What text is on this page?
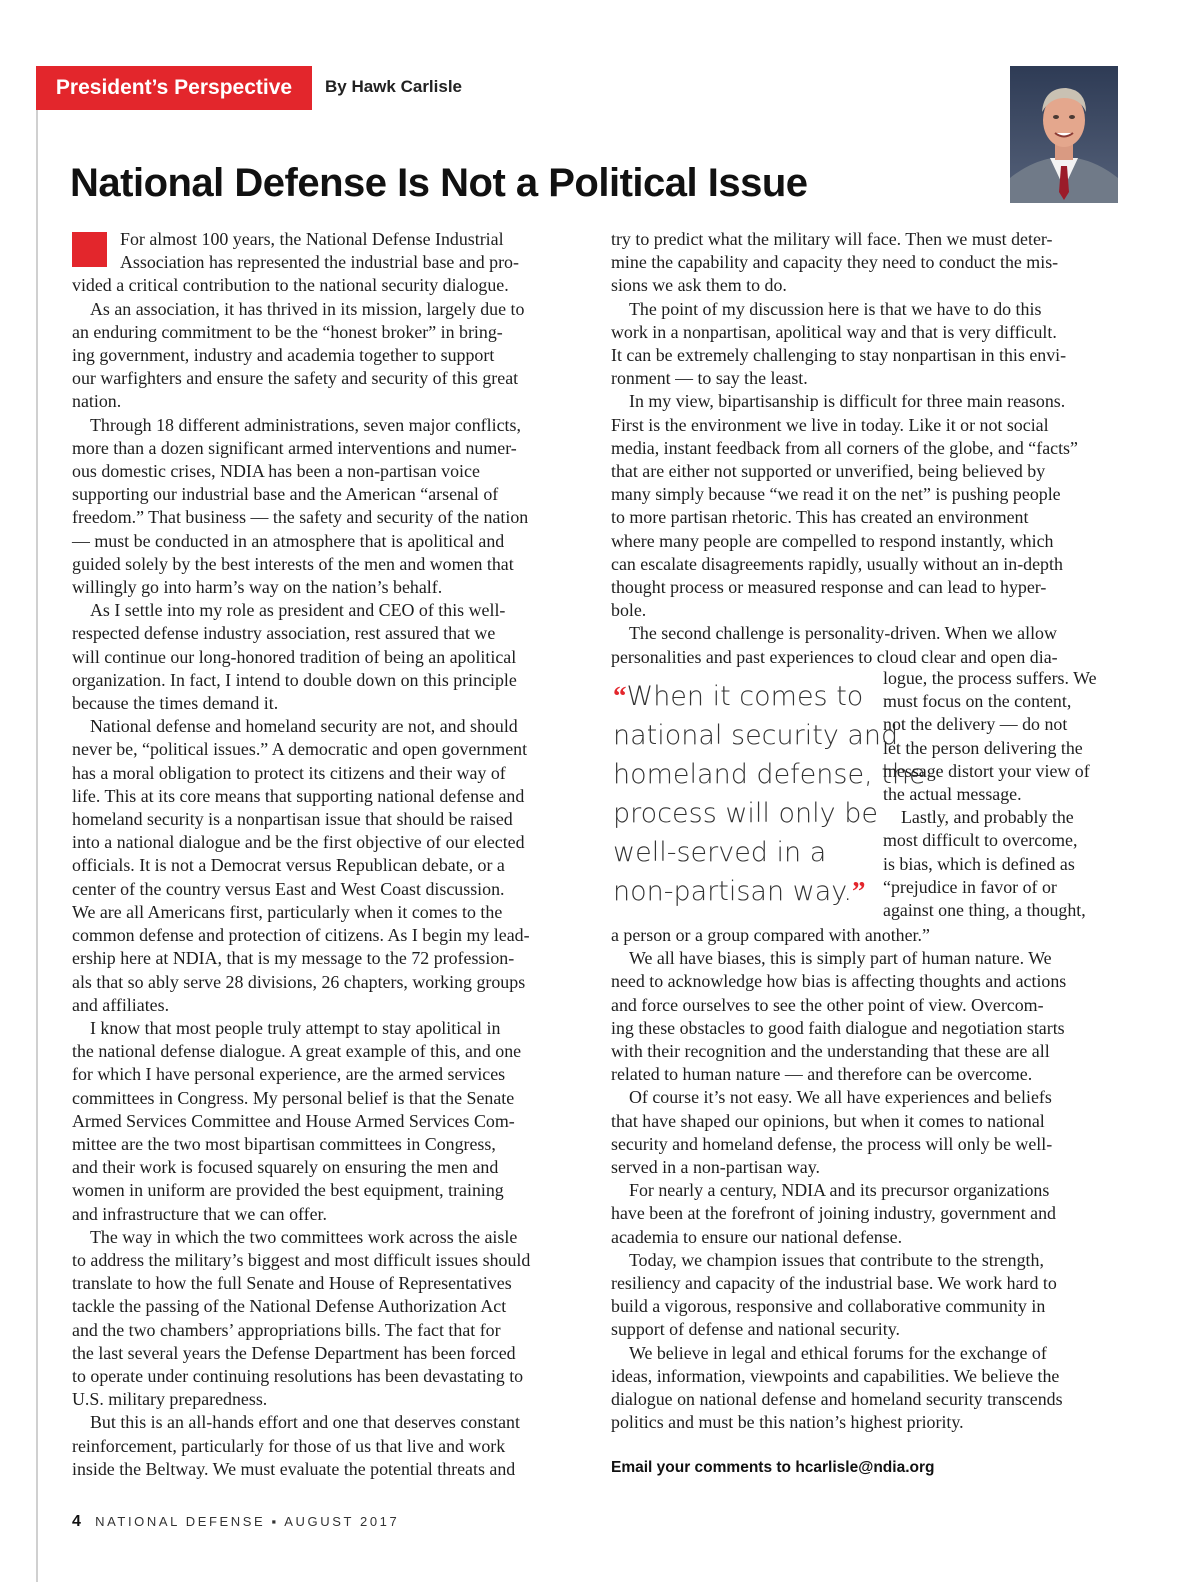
President’s Perspective	By Hawk Carlisle
National Defense Is Not a Political Issue

For almost 100 years, the National Defense Industrial

Association has represented the industrial base and pro-

vided a critical contribution to the national security dialogue.

As an association, it has thrived in its mission, largely due to

an enduring commitment to be the “honest broker” in bring-

ing government, industry and academia together to support

our warfighters and ensure the safety and security of this great

nation.

Through 18 different administrations, seven major conflicts,

more than a dozen significant armed interventions and numer-

ous domestic crises, NDIA has been a non-partisan voice

supporting our industrial base and the American “arsenal of

freedom.” That business — the safety and security of the nation

— must be conducted in an atmosphere that is apolitical and

guided solely by the best interests of the men and women that

willingly go into harm’s way on the nation’s behalf.

As I settle into my role as president and CEO of this well-

respected defense industry association, rest assured that we

will continue our long-honored tradition of being an apolitical

organization. In fact, I intend to double down on this principle

because the times demand it.

National defense and homeland security are not, and should

never be, “political issues.” A democratic and open government

has a moral obligation to protect its citizens and their way of

life. This at its core means that supporting national defense and

homeland security is a nonpartisan issue that should be raised

into a national dialogue and be the first objective of our elected

officials. It is not a Democrat versus Republican debate, or a

center of the country versus East and West Coast discussion.

We are all Americans first, particularly when it comes to the

common defense and protection of citizens. As I begin my lead-

ership here at NDIA, that is my message to the 72 profession-

als that so ably serve 28 divisions, 26 chapters, working groups

and affiliates.

I know that most people truly attempt to stay apolitical in

the national defense dialogue. A great example of this, and one

for which I have personal experience, are the armed services

committees in Congress. My personal belief is that the Senate

Armed Services Committee and House Armed Services Com-

mittee are the two most bipartisan committees in Congress,

and their work is focused squarely on ensuring the men and

women in uniform are provided the best equipment, training

and infrastructure that we can offer.

The way in which the two committees work across the aisle

to address the military’s biggest and most difficult issues should

translate to how the full Senate and House of Representatives

tackle the passing of the National Defense Authorization Act

and the two chambers’ appropriations bills. The fact that for

the last several years the Defense Department has been forced

to operate under continuing resolutions has been devastating to

U.S. military preparedness.

But this is an all-hands effort and one that deserves constant

reinforcement, particularly for those of us that live and work

inside the Beltway. We must evaluate the potential threats and

try to predict what the military will face. Then we must deter-

mine the capability and capacity they need to conduct the mis-

sions we ask them to do.

The point of my discussion here is that we have to do this

work in a nonpartisan, apolitical way and that is very difficult.

It can be extremely challenging to stay nonpartisan in this envi-

ronment — to say the least.

In my view, bipartisanship is difficult for three main reasons.

First is the environment we live in today. Like it or not social

media, instant feedback from all corners of the globe, and “facts”

that are either not supported or unverified, being believed by

many simply because “we read it on the net” is pushing people

to more partisan rhetoric. This has created an environment

where many people are compelled to respond instantly, which

can escalate disagreements rapidly, usually without an in-depth

thought process or measured response and can lead to hyper-

bole.

The second challenge is personality-driven. When we allow

personalities and past experiences to cloud clear and open dia-

“When it comes to
national security and
homeland defense, the
process will only be
well-served in a
non-partisan way.”

logue, the process suffers. We

must focus on the content,

not the delivery — do not

let the person delivering the

message distort your view of

the actual message.

Lastly, and probably the

most difficult to overcome,

is bias, which is defined as

“prejudice in favor of or

against one thing, a thought,

a person or a group compared with another.”

We all have biases, this is simply part of human nature. We

need to acknowledge how bias is affecting thoughts and actions

and force ourselves to see the other point of view. Overcom-

ing these obstacles to good faith dialogue and negotiation starts

with their recognition and the understanding that these are all

related to human nature — and therefore can be overcome.

Of course it’s not easy. We all have experiences and beliefs

that have shaped our opinions, but when it comes to national

security and homeland defense, the process will only be well-

served in a non-partisan way.

For nearly a century, NDIA and its precursor organizations

have been at the forefront of joining industry, government and

academia to ensure our national defense.

Today, we champion issues that contribute to the strength,

resiliency and capacity of the industrial base. We work hard to

build a vigorous, responsive and collaborative community in

support of defense and national security.

We believe in legal and ethical forums for the exchange of

ideas, information, viewpoints and capabilities. We believe the

dialogue on national defense and homeland security transcends

politics and must be this nation’s highest priority.

Email your comments to hcarlisle@ndia.org
4 NATIONAL DEFENSE ▪ AUGUST 2017
